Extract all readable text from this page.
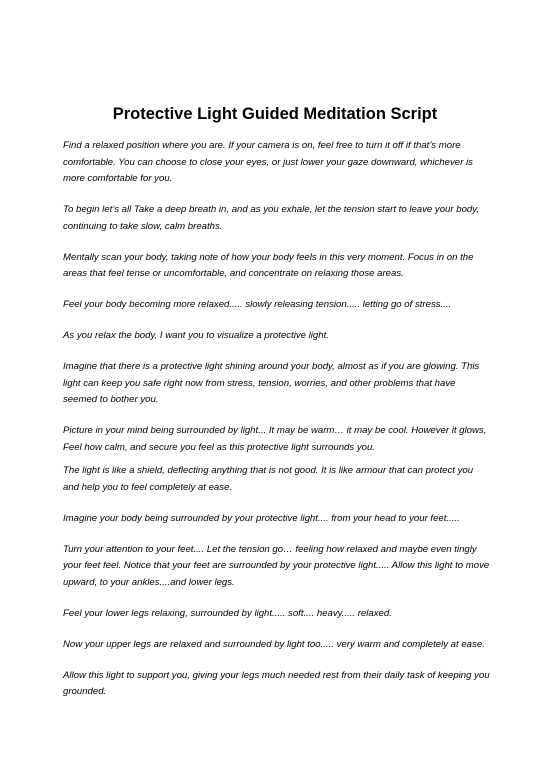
Protective Light Guided Meditation Script

Find a relaxed position where you are. If your camera is on, feel free to turn it off if that’s more comfortable. You can choose to close your eyes, or just lower your gaze downward, whichever is more comfortable for you.

To begin let’s all Take a deep breath in, and as you exhale, let the tension start to leave your body, continuing to take slow, calm breaths.

Mentally scan your body, taking note of how your body feels in this very moment. Focus in on the areas that feel tense or uncomfortable, and concentrate on relaxing those areas.

Feel your body becoming more relaxed..... slowly releasing tension..... letting go of stress....

As you relax the body, I want you to visualize a protective light.

Imagine that there is a protective light shining around your body, almost as if you are glowing. This light can keep you safe right now from stress, tension, worries, and other problems that have seemed to bother you.

Picture in your mind being surrounded by light... It may be warm… it may be cool. However it glows, Feel how calm, and secure you feel as this protective light surrounds you.

The light is like a shield, deflecting anything that is not good. It is like armour that can protect you and help you to feel completely at ease.

Imagine your body being surrounded by your protective light.... from your head to your feet.....

Turn your attention to your feet.... Let the tension go… feeling how relaxed and maybe even tingly your feet feel. Notice that your feet are surrounded by your protective light..... Allow this light to move upward, to your ankles....and lower legs.

Feel your lower legs relaxing, surrounded by light..... soft.... heavy..... relaxed.

Now your upper legs are relaxed and surrounded by light too..... very warm and completely at ease.

Allow this light to support you, giving your legs much needed rest from their daily task of keeping you grounded.
